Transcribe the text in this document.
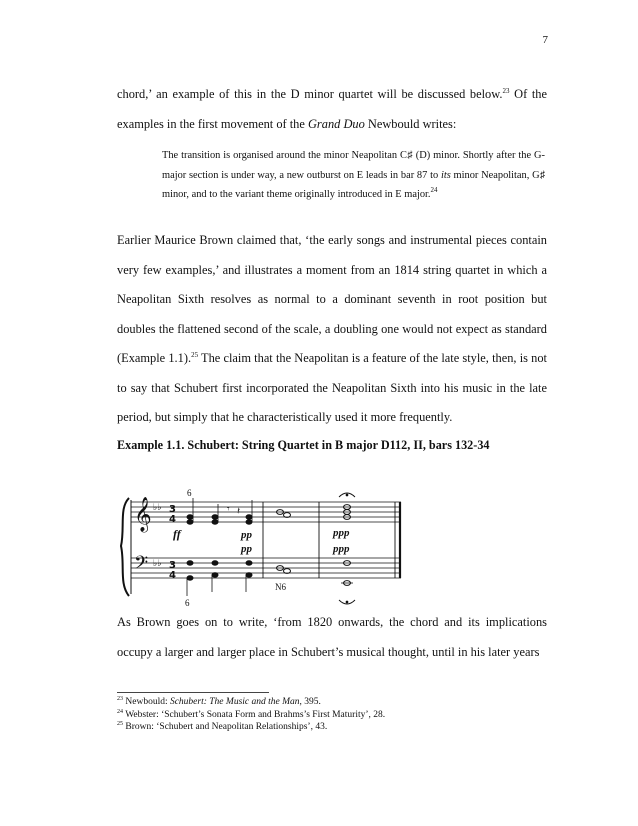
7

chord,’ an example of this in the D minor quartet will be discussed below.$^{23}$ Of the examples in the first movement of the Grand Duo Newbould writes:

The transition is organised around the minor Neapolitan C♯ (D) minor. Shortly after the G-major section is under way, a new outburst on E leads in bar 87 to its minor Neapolitan, G♯ minor, and to the variant theme originally introduced in E major.$^{24}$

Earlier Maurice Brown claimed that, ‘the early songs and instrumental pieces contain very few examples,’ and illustrates a moment from an 1814 string quartet in which a Neapolitan Sixth resolves as normal to a dominant seventh in root position but doubles the flattened second of the scale, a doubling one would not expect as standard (Example 1.1).$^{25}$ The claim that the Neapolitan is a feature of the late style, then, is not to say that Schubert first incorporated the Neapolitan Sixth into his music in the late period, but simply that he characteristically used it more frequently.

Example 1.1. Schubert: String Quartet in B major D112, II, bars 132-34
𝄞
𝄢
♭♭
♭♭
3
4
3
4
𝄾 𝄽
6
6
ff	pp
pp
ppp
ppp
N6

As Brown goes on to write, ‘from 1820 onwards, the chord and its implications occupy a larger and larger place in Schubert’s musical thought, until in his later years

$^{23}$ Newbould: Schubert: The Music and the Man, 395.
$^{24}$ Webster: ‘Schubert’s Sonata Form and Brahms’s First Maturity’, 28.
$^{25}$ Brown: ‘Schubert and Neapolitan Relationships’, 43.
